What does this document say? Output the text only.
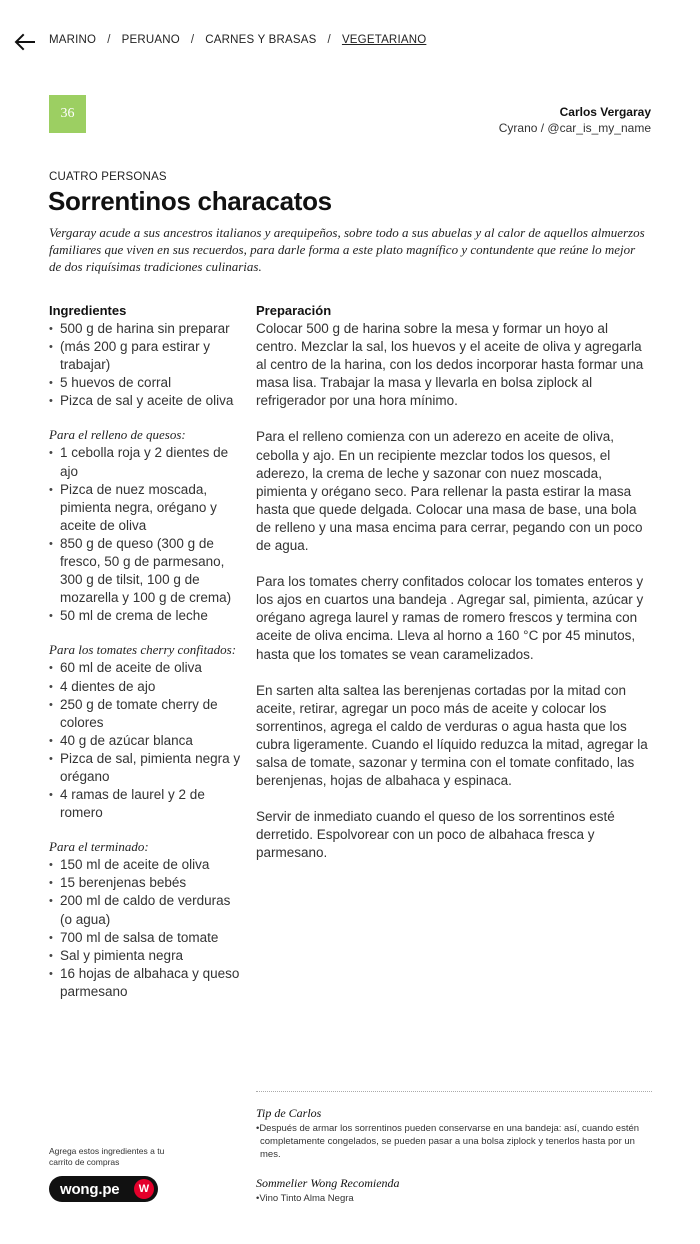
MARINO / PERUANO / CARNES Y BRASAS / VEGETARIANO
36	Carlos Vergaray
Cyrano / @car_is_my_name
CUATRO PERSONAS
Sorrentinos characatos

Vergaray acude a sus ancestros italianos y arequipeños, sobre todo a sus abuelas y al calor de aquellos almuerzos familiares que viven en sus recuerdos, para darle forma a este plato magnífico y contundente que reúne lo mejor de dos riquísimas tradiciones culinarias.

Ingredientes
• 500 g de harina sin preparar
• (más 200 g para estirar y trabajar)
• 5 huevos de corral
• Pizca de sal y aceite de oliva
Para el relleno de quesos:
• 1 cebolla roja y 2 dientes de ajo
• Pizca de nuez moscada, pimienta negra, orégano y aceite de oliva
• 850 g de queso (300 g de fresco, 50 g de parmesano, 300 g de tilsit, 100 g de mozarella y 100 g de crema)
• 50 ml de crema de leche
Para los tomates cherry confitados:
• 60 ml de aceite de oliva
• 4 dientes de ajo
• 250 g de tomate cherry de colores
• 40 g de azúcar blanca
• Pizca de sal, pimienta negra y orégano
• 4 ramas de laurel y 2 de romero
Para el terminado:
• 150 ml de aceite de oliva
• 15 berenjenas bebés
• 200 ml de caldo de verduras (o agua)
• 700 ml de salsa de tomate
• Sal y pimienta negra
• 16 hojas de albahaca y queso parmesano
Preparación

Colocar 500 g de harina sobre la mesa y formar un hoyo al centro. Mezclar la sal, los huevos y el aceite de oliva y agregarla al centro de la harina, con los dedos incorporar hasta formar una masa lisa. Trabajar la masa y llevarla en bolsa ziplock al refrigerador por una hora mínimo.

Para el relleno comienza con un aderezo en aceite de oliva, cebolla y ajo. En un recipiente mezclar todos los quesos, el aderezo, la crema de leche y sazonar con nuez moscada, pimienta y orégano seco. Para rellenar la pasta estirar la masa hasta que quede delgada. Colocar una masa de base, una bola de relleno y una masa encima para cerrar, pegando con un poco de agua.

Para los tomates cherry confitados colocar los tomates enteros y los ajos en cuartos una bandeja . Agregar sal, pimienta, azúcar y orégano agrega laurel y ramas de romero frescos y termina con aceite de oliva encima. Lleva al horno a 160 °C por 45 minutos, hasta que los tomates se vean caramelizados.

En sarten alta saltea las berenjenas cortadas por la mitad con aceite, retirar, agregar un poco más de aceite y colocar los sorrentinos, agrega el caldo de verduras o agua hasta que los cubra ligeramente. Cuando el líquido reduzca la mitad, agregar la salsa de tomate, sazonar y termina con el tomate confitado, las berenjenas, hojas de albahaca y espinaca.

Servir de inmediato cuando el queso de los sorrentinos esté derretido. Espolvorear con un poco de albahaca fresca y parmesano.

Tip de Carlos
•Después de armar los sorrentinos pueden conservarse en una bandeja: así, cuando estén completamente congelados, se pueden pasar a una bolsa ziplock y tenerlos hasta por un mes.
Sommelier Wong Recomienda
•Vino Tinto Alma Negra
Agrega estos ingredientes a tu carrito de compras
wong.pe	W
